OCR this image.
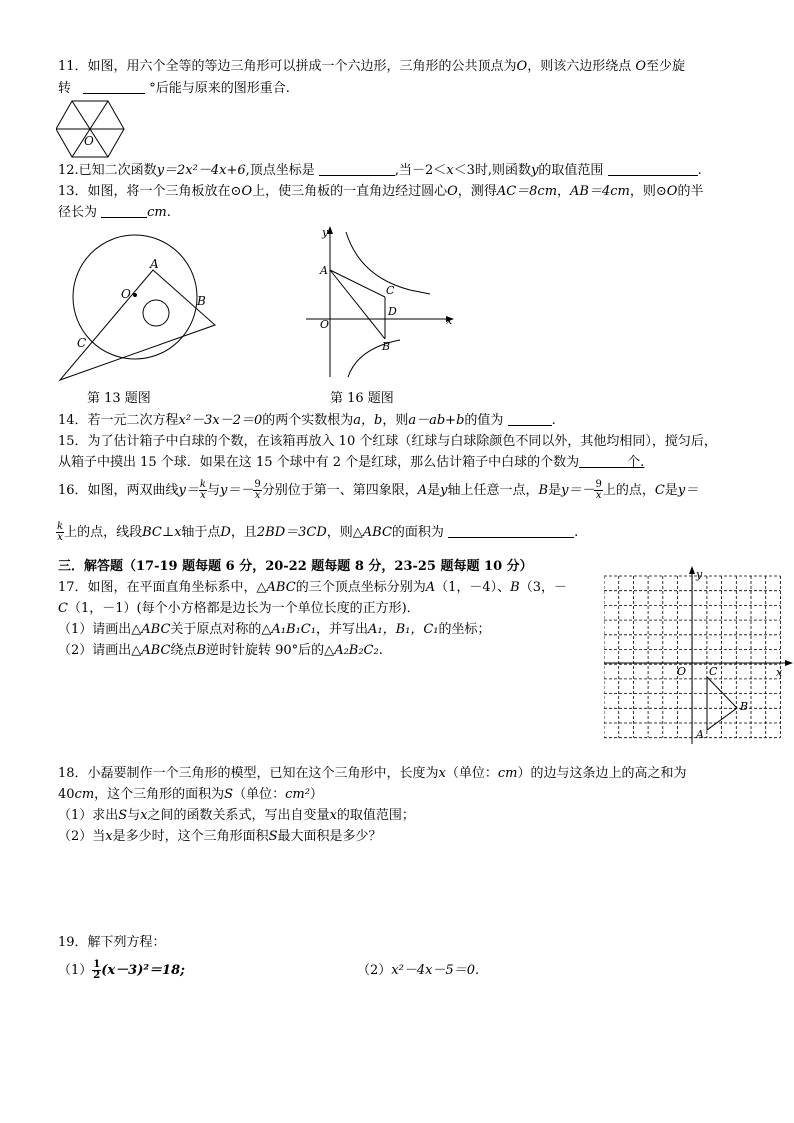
11．如图，用六个全等的等边三角形可以拼成一个六边形，三角形的公共顶点为O，则该六边形绕点 O至少旋
转	°后能与原来的图形重合.
O
12.已知二次函数y＝2x²－4x+6,顶点坐标是	,当－2＜x＜3时,则函数y的取值范围	.
13．如图，将一个三角板放在⊙O上，使三角板的一直角边经过圆心O，测得AC＝8cm，AB＝4cm，则⊙O的半
径长为	cm.
A
O	B
C
第 13 题图
y
x
A
C
D
O
B
第 16 题图
14．若一元二次方程x²－3x－2＝0的两个实数根为a，b，则a－ab+b的值为	.
15．为了估计箱子中白球的个数，在该箱再放入 10 个红球（红球与白球除颜色不同以外，其他均相同），搅匀后，
从箱子中摸出 15 个球．如果在这 15 个球中有 2 个是红球，那么估计箱子中白球的个数为	个.
16．如图，两双曲线$y= \frac{k}{x}$ 与$y=- \frac{9}{x}$ 分别位于第一、第四象限，A是y轴上任意一点，B是$y=- \frac{9}{x}$ 上的点，C是y＝
$\frac{k}{x}$ 上的点，线段BC⊥x轴于点D，且2BD＝3CD，则△ABC的面积为	.
三．解答题（17-19 题每题 6 分，20-22 题每题 8 分，23-25 题每题 10 分）
17．如图，在平面直角坐标系中，△ABC的三个顶点坐标分别为A（1，－4）、B（3，－
C（1，－1）(每个小方格都是边长为一个单位长度的正方形)．
（1）请画出△ABC关于原点对称的△A₁B₁C₁，并写出A₁，B₁，C₁的坐标；
（2）请画出△ABC绕点B逆时针旋转 90°后的△A₂B₂C₂.
y
x
O C
B
A
18．小磊要制作一个三角形的模型，已知在这个三角形中，长度为x（单位：cm）的边与这条边上的高之和为
40cm，这个三角形的面积为S（单位：cm²）
（1）求出S与x之间的函数关系式，写出自变量x的取值范围；
（2）当x是多少时，这个三角形面积S最大面积是多少？
19．解下列方程：
$(1) \frac{1}{2} (x-3)^2=18$;	（2）x²－4x－5＝0.
